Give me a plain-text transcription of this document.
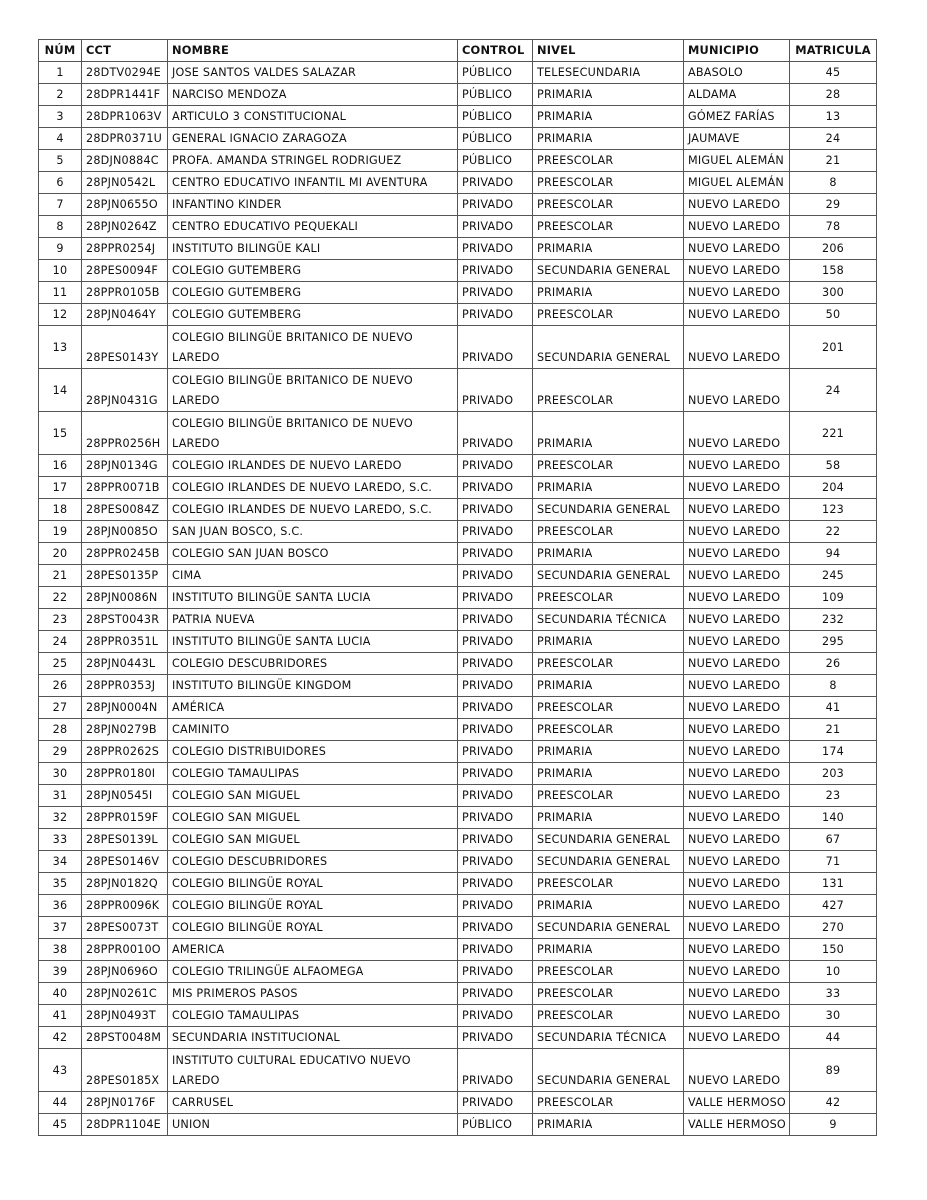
NÚM	CCT	NOMBRE	CONTROL	NIVEL	MUNICIPIO	MATRICULA
1	28DTV0294E	JOSE SANTOS VALDES SALAZAR	PÚBLICO	TELESECUNDARIA	ABASOLO	45
2	28DPR1441F	NARCISO MENDOZA	PÚBLICO	PRIMARIA	ALDAMA	28
3	28DPR1063V	ARTICULO 3 CONSTITUCIONAL	PÚBLICO	PRIMARIA	GÓMEZ FARÍAS	13
4	28DPR0371U	GENERAL IGNACIO ZARAGOZA	PÚBLICO	PRIMARIA	JAUMAVE	24
5	28DJN0884C	PROFA. AMANDA STRINGEL RODRIGUEZ	PÚBLICO	PREESCOLAR	MIGUEL ALEMÁN	21
6	28PJN0542L	CENTRO EDUCATIVO INFANTIL MI AVENTURA	PRIVADO	PREESCOLAR	MIGUEL ALEMÁN	8
7	28PJN0655O	INFANTINO KINDER	PRIVADO	PREESCOLAR	NUEVO LAREDO	29
8	28PJN0264Z	CENTRO EDUCATIVO PEQUEKALI	PRIVADO	PREESCOLAR	NUEVO LAREDO	78
9	28PPR0254J	INSTITUTO BILINGÜE KALI	PRIVADO	PRIMARIA	NUEVO LAREDO	206
10	28PES0094F	COLEGIO GUTEMBERG	PRIVADO	SECUNDARIA GENERAL	NUEVO LAREDO	158
11	28PPR0105B	COLEGIO GUTEMBERG	PRIVADO	PRIMARIA	NUEVO LAREDO	300
12	28PJN0464Y	COLEGIO GUTEMBERG	PRIVADO	PREESCOLAR	NUEVO LAREDO	50
13	28PES0143Y	COLEGIO BILINGÜE BRITANICO DE NUEVO LAREDO	PRIVADO	SECUNDARIA GENERAL	NUEVO LAREDO	201
14	28PJN0431G	COLEGIO BILINGÜE BRITANICO DE NUEVO LAREDO	PRIVADO	PREESCOLAR	NUEVO LAREDO	24
15	28PPR0256H	COLEGIO BILINGÜE BRITANICO DE NUEVO LAREDO	PRIVADO	PRIMARIA	NUEVO LAREDO	221
16	28PJN0134G	COLEGIO IRLANDES DE NUEVO LAREDO	PRIVADO	PREESCOLAR	NUEVO LAREDO	58
17	28PPR0071B	COLEGIO IRLANDES DE NUEVO LAREDO, S.C.	PRIVADO	PRIMARIA	NUEVO LAREDO	204
18	28PES0084Z	COLEGIO IRLANDES DE NUEVO LAREDO, S.C.	PRIVADO	SECUNDARIA GENERAL	NUEVO LAREDO	123
19	28PJN0085O	SAN JUAN BOSCO, S.C.	PRIVADO	PREESCOLAR	NUEVO LAREDO	22
20	28PPR0245B	COLEGIO SAN JUAN BOSCO	PRIVADO	PRIMARIA	NUEVO LAREDO	94
21	28PES0135P	CIMA	PRIVADO	SECUNDARIA GENERAL	NUEVO LAREDO	245
22	28PJN0086N	INSTITUTO BILINGÜE SANTA LUCIA	PRIVADO	PREESCOLAR	NUEVO LAREDO	109
23	28PST0043R	PATRIA NUEVA	PRIVADO	SECUNDARIA TÉCNICA	NUEVO LAREDO	232
24	28PPR0351L	INSTITUTO BILINGÜE SANTA LUCIA	PRIVADO	PRIMARIA	NUEVO LAREDO	295
25	28PJN0443L	COLEGIO DESCUBRIDORES	PRIVADO	PREESCOLAR	NUEVO LAREDO	26
26	28PPR0353J	INSTITUTO BILINGÜE KINGDOM	PRIVADO	PRIMARIA	NUEVO LAREDO	8
27	28PJN0004N	AMÉRICA	PRIVADO	PREESCOLAR	NUEVO LAREDO	41
28	28PJN0279B	CAMINITO	PRIVADO	PREESCOLAR	NUEVO LAREDO	21
29	28PPR0262S	COLEGIO DISTRIBUIDORES	PRIVADO	PRIMARIA	NUEVO LAREDO	174
30	28PPR0180I	COLEGIO TAMAULIPAS	PRIVADO	PRIMARIA	NUEVO LAREDO	203
31	28PJN0545I	COLEGIO SAN MIGUEL	PRIVADO	PREESCOLAR	NUEVO LAREDO	23
32	28PPR0159F	COLEGIO SAN MIGUEL	PRIVADO	PRIMARIA	NUEVO LAREDO	140
33	28PES0139L	COLEGIO SAN MIGUEL	PRIVADO	SECUNDARIA GENERAL	NUEVO LAREDO	67
34	28PES0146V	COLEGIO DESCUBRIDORES	PRIVADO	SECUNDARIA GENERAL	NUEVO LAREDO	71
35	28PJN0182Q	COLEGIO BILINGÜE ROYAL	PRIVADO	PREESCOLAR	NUEVO LAREDO	131
36	28PPR0096K	COLEGIO BILINGÜE ROYAL	PRIVADO	PRIMARIA	NUEVO LAREDO	427
37	28PES0073T	COLEGIO BILINGÜE ROYAL	PRIVADO	SECUNDARIA GENERAL	NUEVO LAREDO	270
38	28PPR0010O	AMERICA	PRIVADO	PRIMARIA	NUEVO LAREDO	150
39	28PJN0696O	COLEGIO TRILINGÜE ALFAOMEGA	PRIVADO	PREESCOLAR	NUEVO LAREDO	10
40	28PJN0261C	MIS PRIMEROS PASOS	PRIVADO	PREESCOLAR	NUEVO LAREDO	33
41	28PJN0493T	COLEGIO TAMAULIPAS	PRIVADO	PREESCOLAR	NUEVO LAREDO	30
42	28PST0048M	SECUNDARIA INSTITUCIONAL	PRIVADO	SECUNDARIA TÉCNICA	NUEVO LAREDO	44
43	28PES0185X	INSTITUTO CULTURAL EDUCATIVO NUEVO LAREDO	PRIVADO	SECUNDARIA GENERAL	NUEVO LAREDO	89
44	28PJN0176F	CARRUSEL	PRIVADO	PREESCOLAR	VALLE HERMOSO	42
45	28DPR1104E	UNION	PÚBLICO	PRIMARIA	VALLE HERMOSO	9
